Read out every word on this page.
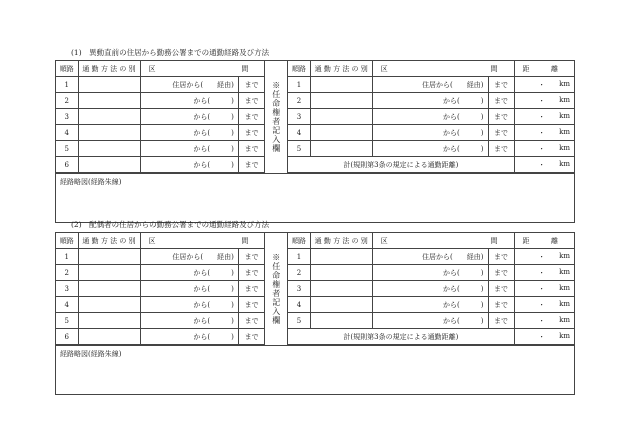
(1)　異動直前の住居から勤務公署までの通勤経路及び方法
順路	通 勤 方 法 の 別	区 間	

1		住居から(　　経由)	まで
2		から(　　　)	まで
3		から(　　　)	まで
4		から(　　　)	まで
5		から(　　　)	まで
6		から(　　　)	まで
※任命権者記入欄
順路	通 勤 方 法 の 別	区 間		距 離

1		住居から(　　経由)	まで	・ km

2		から(　　　)	まで	・ km

3		から(　　　)	まで	・ km

4		から(　　　)	まで	・ km

5		から(　　　)	まで	・ km

計(規則第3条の規定による通勤距離)				・ km
経路略図(経路朱線)
(2)　配偶者の住居からの勤務公署までの通勤経路及び方法
順路	通 勤 方 法 の 別	区 間	

1		住居から(　　経由)	まで
2		から(　　　)	まで
3		から(　　　)	まで
4		から(　　　)	まで
5		から(　　　)	まで
6		から(　　　)	まで
※任命権者記入欄
順路	通 勤 方 法 の 別	区 間		距 離

1		住居から(　　経由)	まで	・ km

2		から(　　　)	まで	・ km

3		から(　　　)	まで	・ km

4		から(　　　)	まで	・ km

5		から(　　　)	まで	・ km

計(規則第3条の規定による通勤距離)				・ km
経路略図(経路朱線)
